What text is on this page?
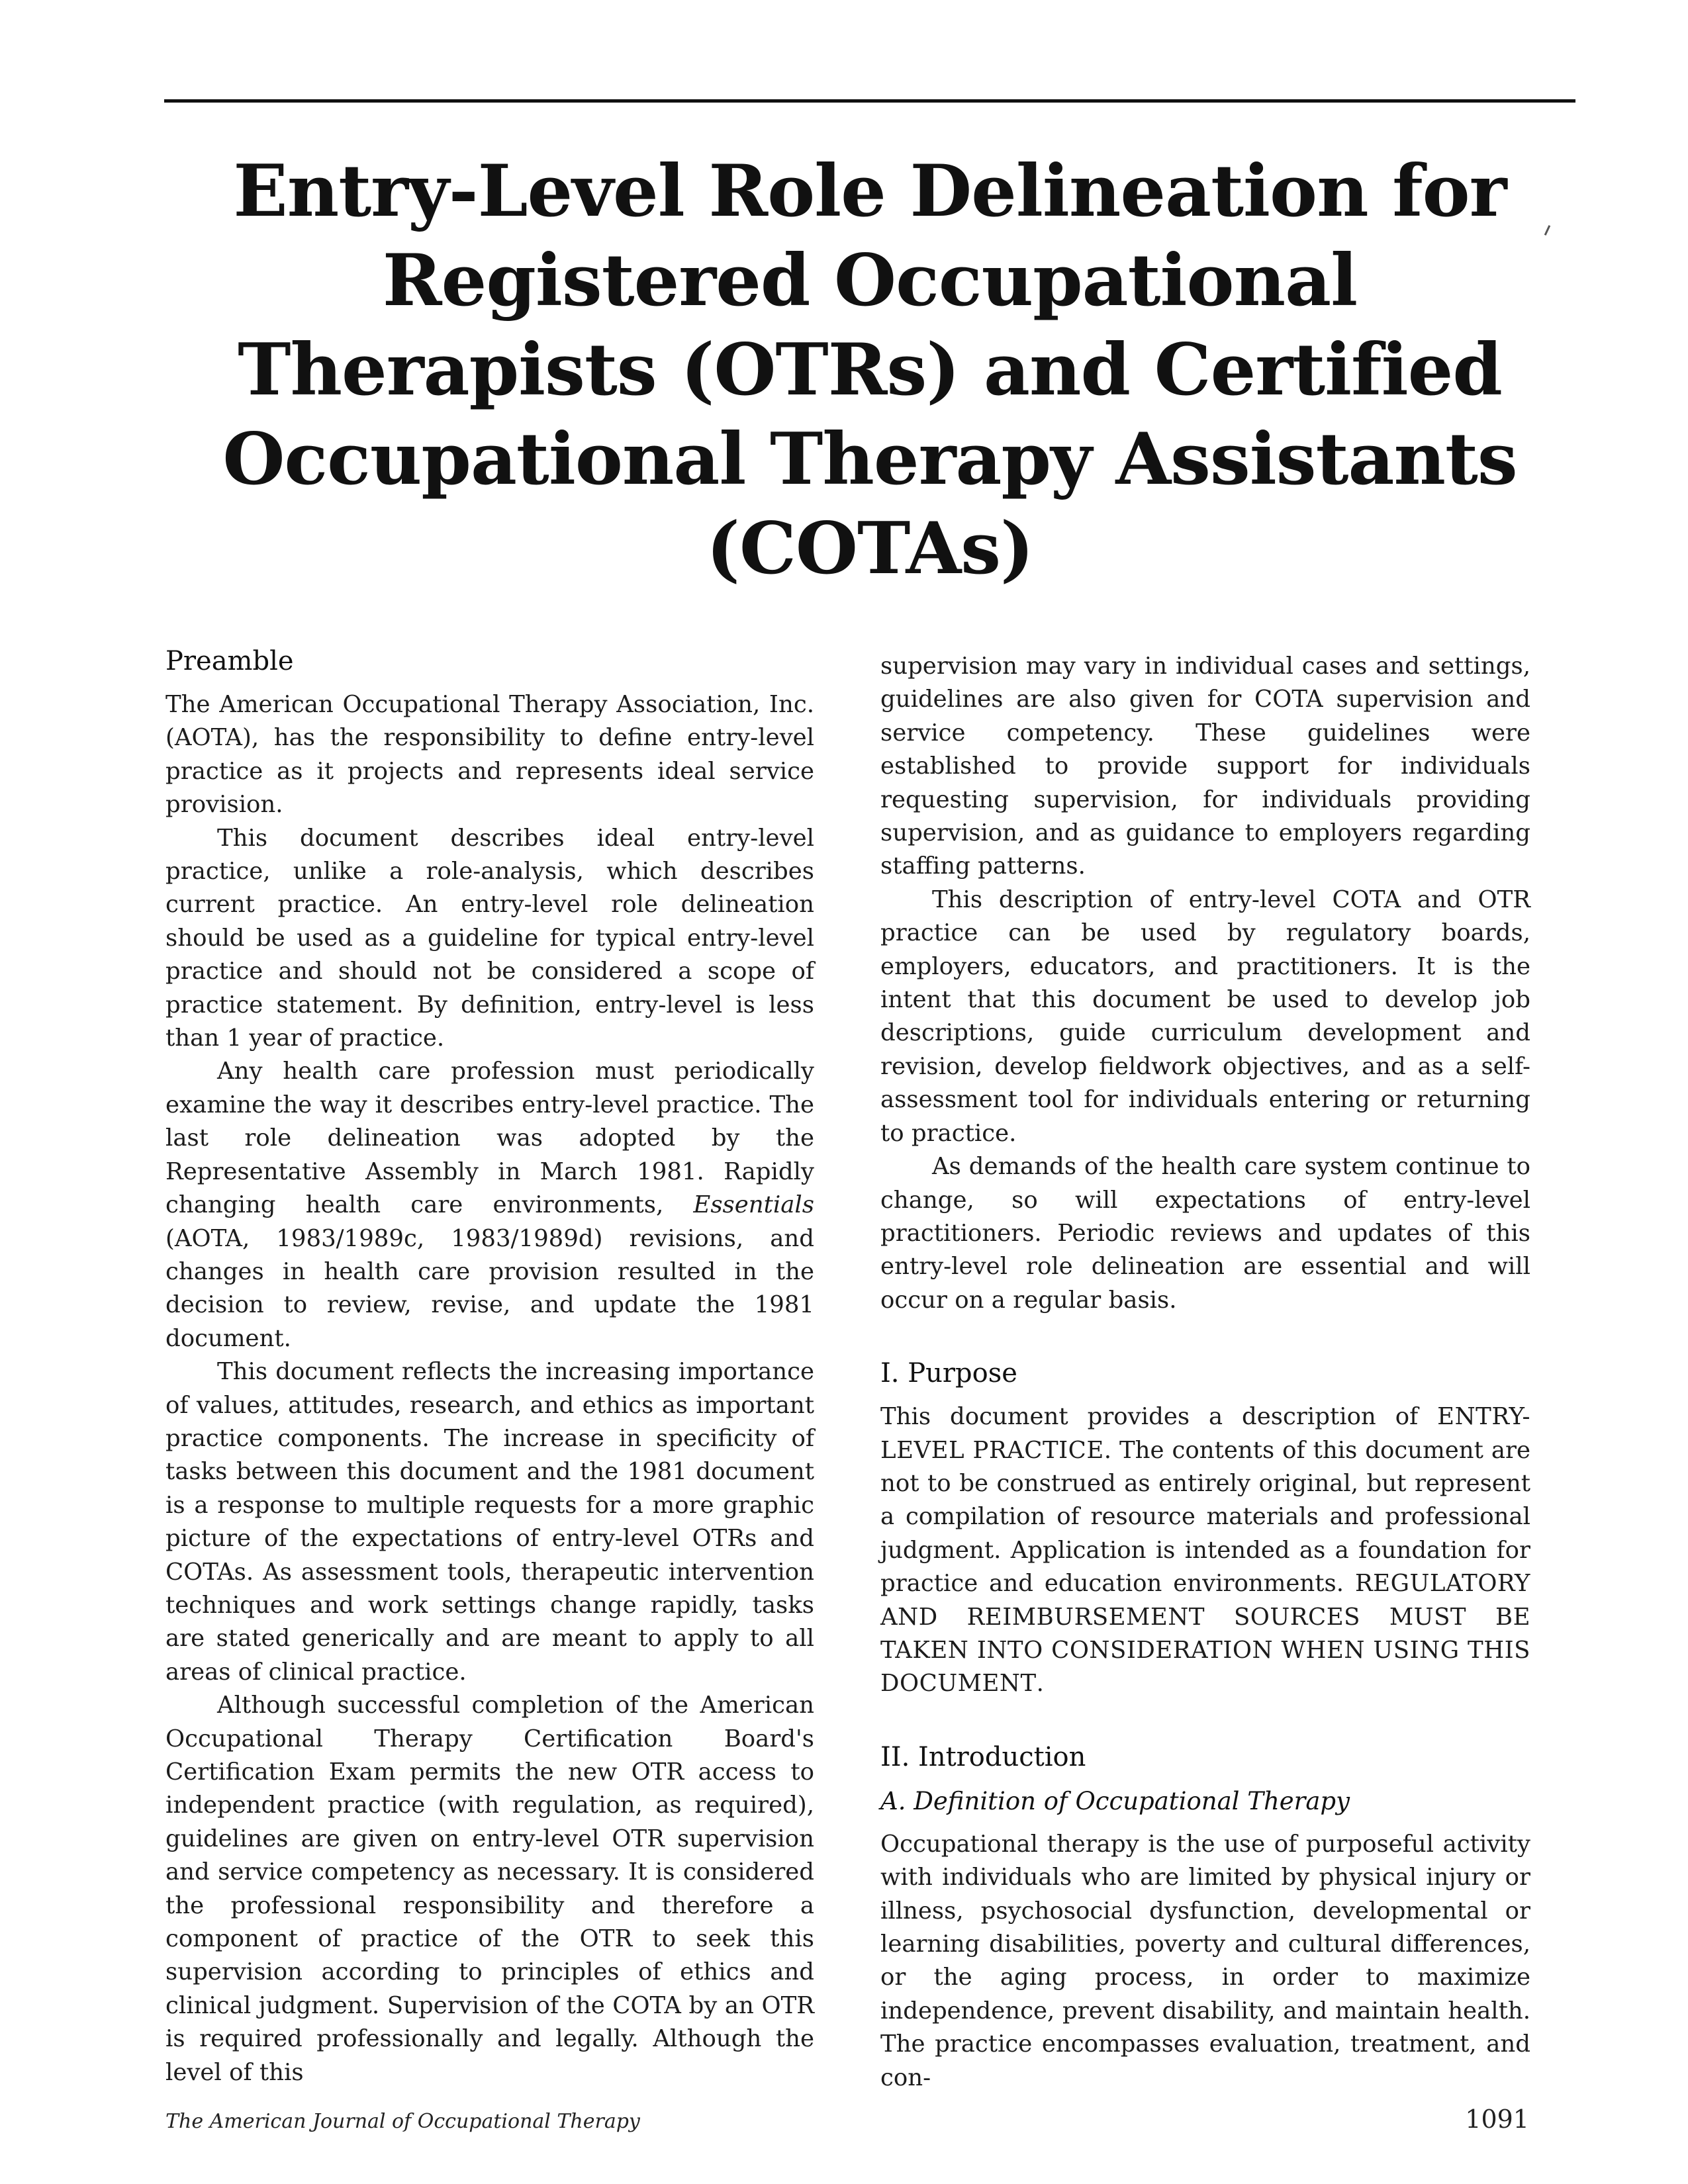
Entry-Level Role Delineation for Registered Occupational Therapists (OTRs) and Certified Occupational Therapy Assistants (COTAs)
Preamble

The American Occupational Therapy Association, Inc. (AOTA), has the responsibility to define entry-level practice as it projects and represents ideal service provision.

This document describes ideal entry-level practice, unlike a role-analysis, which describes current practice. An entry-level role delineation should be used as a guideline for typical entry-level practice and should not be considered a scope of practice statement. By definition, entry-level is less than 1 year of practice.

Any health care profession must periodically examine the way it describes entry-level practice. The last role delineation was adopted by the Representative Assembly in March 1981. Rapidly changing health care environments, Essentials (AOTA, 1983/1989c, 1983/1989d) revisions, and changes in health care provision resulted in the decision to review, revise, and update the 1981 document.

This document reflects the increasing importance of values, attitudes, research, and ethics as important practice components. The increase in specificity of tasks between this document and the 1981 document is a response to multiple requests for a more graphic picture of the expectations of entry-level OTRs and COTAs. As assessment tools, therapeutic intervention techniques and work settings change rapidly, tasks are stated generically and are meant to apply to all areas of clinical practice.

Although successful completion of the American Occupational Therapy Certification Board's Certification Exam permits the new OTR access to independent practice (with regulation, as required), guidelines are given on entry-level OTR supervision and service competency as necessary. It is considered the professional responsibility and therefore a component of practice of the OTR to seek this supervision according to principles of ethics and clinical judgment. Supervision of the COTA by an OTR is required professionally and legally. Although the level of this

supervision may vary in individual cases and settings, guidelines are also given for COTA supervision and service competency. These guidelines were established to provide support for individuals requesting supervision, for individuals providing supervision, and as guidance to employers regarding staffing patterns.

This description of entry-level COTA and OTR practice can be used by regulatory boards, employers, educators, and practitioners. It is the intent that this document be used to develop job descriptions, guide curriculum development and revision, develop fieldwork objectives, and as a self-assessment tool for individuals entering or returning to practice.

As demands of the health care system continue to change, so will expectations of entry-level practitioners. Periodic reviews and updates of this entry-level role delineation are essential and will occur on a regular basis.

I. Purpose

This document provides a description of ENTRY-LEVEL PRACTICE. The contents of this document are not to be construed as entirely original, but represent a compilation of resource materials and professional judgment. Application is intended as a foundation for practice and education environments. REGULATORY AND REIMBURSEMENT SOURCES MUST BE TAKEN INTO CONSIDERATION WHEN USING THIS DOCUMENT.

II. Introduction
A. Definition of Occupational Therapy

Occupational therapy is the use of purposeful activity with individuals who are limited by physical injury or illness, psychosocial dysfunction, developmental or learning disabilities, poverty and cultural differences, or the aging process, in order to maximize independence, prevent disability, and maintain health. The practice encompasses evaluation, treatment, and con-

The American Journal of Occupational Therapy	1091
